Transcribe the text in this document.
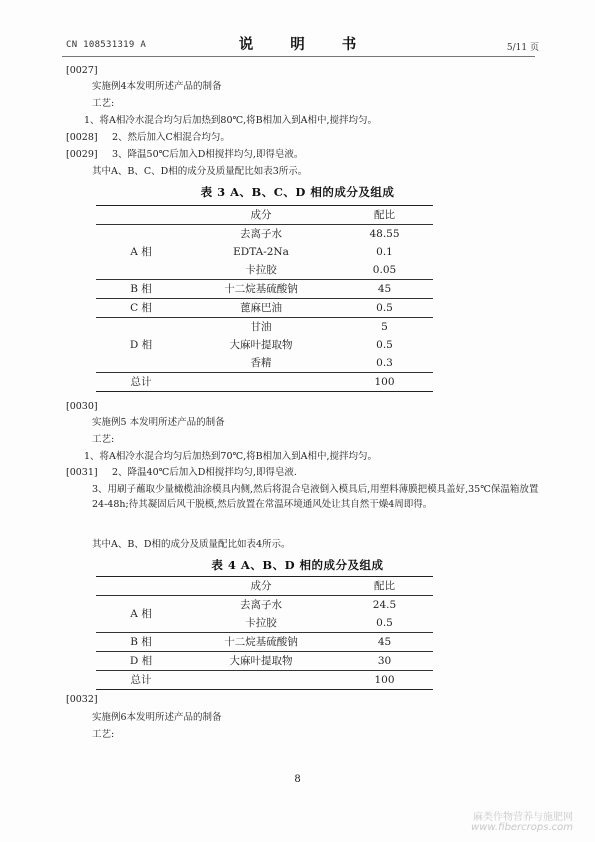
CN 108531319 A	说 明 书	5/11 页
[0027]
实施例4本发明所述产品的制备
工艺:
1、将A相冷水混合均匀后加热到80℃,将B相加入到A相中,搅拌均匀。
[0028] 2、然后加入C相混合均匀。
[0029] 3、降温50℃后加入D相搅拌均匀,即得皂液。
其中A、B、C、D相的成分及质量配比如表3所示。
表 3 A、B、C、D 相的成分及组成
	成分	配比
A 相	去离子水	48.55
	EDTA-2Na	0.1
	卡拉胶	0.05
B 相	十二烷基硫酸钠	45
C 相	蓖麻巴油	0.5
D 相	甘油	5
	大麻叶提取物	0.5
	香精	0.3
总计		100
[0030]
实施例5 本发明所述产品的制备
工艺:
1、将A相冷水混合均匀后加热到70℃,将B相加入到A相中,搅拌均匀。
[0031] 2、降温40℃后加入D相搅拌均匀,即得皂液.
3、用刷子蘸取少量橄榄油涂模具内侧,然后将混合皂液倒入模具后,用塑料薄膜把模具盖好,35℃保温箱放置24-48h;待其凝固后风干脱模,然后放置在常温环境通风处让其自然干燥4周即得。
其中A、B、D相的成分及质量配比如表4所示。
表 4 A、B、D 相的成分及组成
	成分	配比
A 相	去离子水	24.5
	卡拉胶	0.5
B 相	十二烷基硫酸钠	45
D 相	大麻叶提取物	30
总计		100
[0032]
实施例6本发明所述产品的制备
工艺:
8
麻类作物营养与施肥网
www.fibercrops.com
